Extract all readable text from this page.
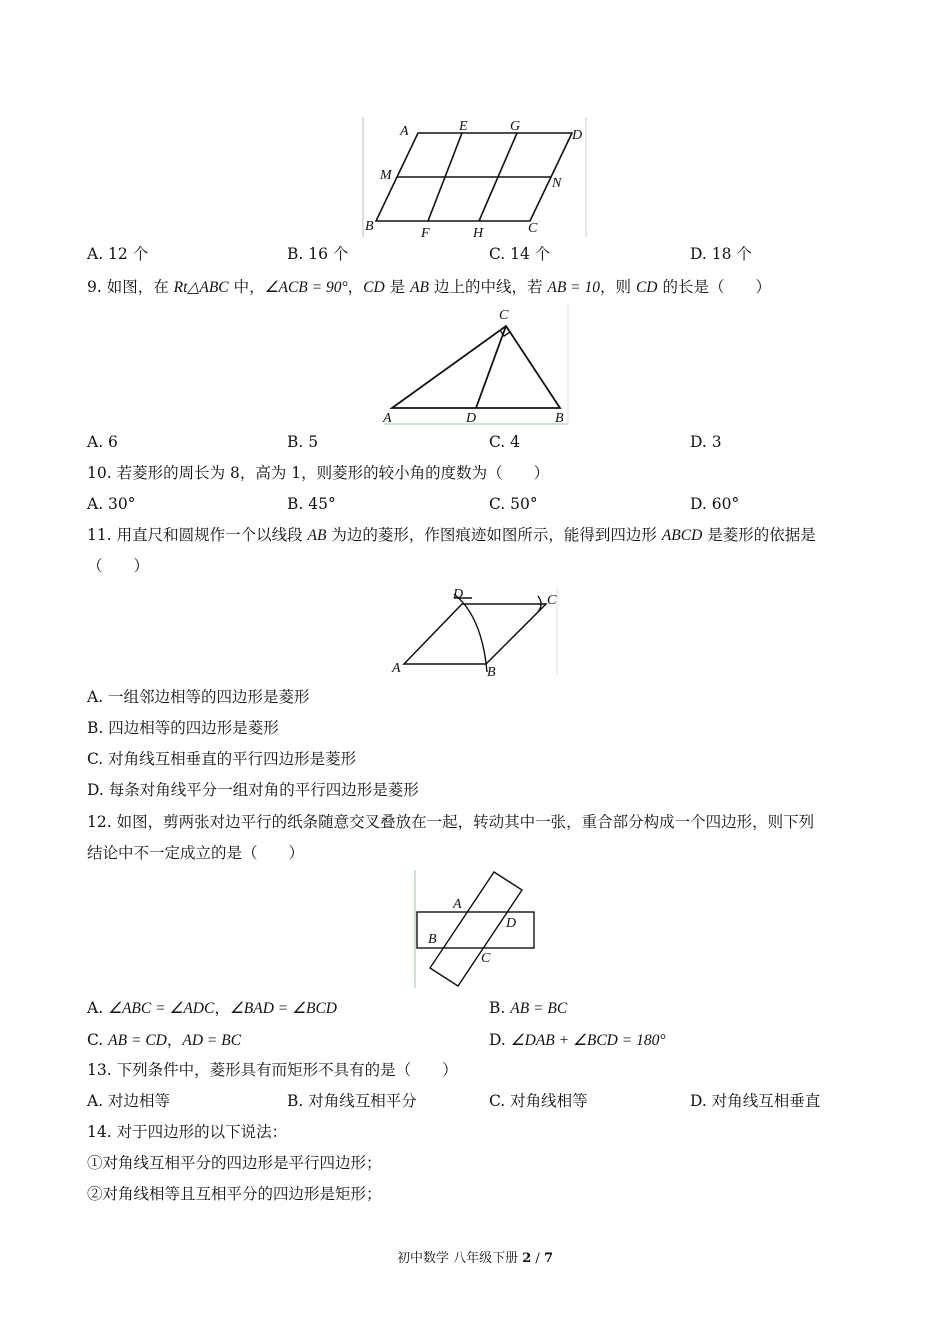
A	E	G
D
M
N
B	F	H	C
A. 12 个	B. 16 个	C. 14 个	D. 18 个
9. 如图，在 Rt△ABC 中，∠ACB = 90°，CD 是 AB 边上的中线，若 AB = 10，则 CD 的长是（　　）
C
A	D	B
A. 6	B. 5	C. 4	D. 3
10. 若菱形的周长为 8，高为 1，则菱形的较小角的度数为（　　）
A. 30°	B. 45°	C. 50°	D. 60°
11. 用直尺和圆规作一个以线段 AB 为边的菱形，作图痕迹如图所示，能得到四边形 ABCD 是菱形的依据是
（　　）
D	C
A	B
A. 一组邻边相等的四边形是菱形
B. 四边相等的四边形是菱形
C. 对角线互相垂直的平行四边形是菱形
D. 每条对角线平分一组对角的平行四边形是菱形
12. 如图，剪两张对边平行的纸条随意交叉叠放在一起，转动其中一张，重合部分构成一个四边形，则下列
结论中不一定成立的是（　　）
A
D
B
C
A. ∠ABC = ∠ADC，∠BAD = ∠BCD	B. AB = BC
C. AB = CD，AD = BC	D. ∠DAB + ∠BCD = 180°
13. 下列条件中，菱形具有而矩形不具有的是（　　）
A. 对边相等	B. 对角线互相平分	C. 对角线相等	D. 对角线互相垂直
14. 对于四边形的以下说法：
①对角线互相平分的四边形是平行四边形；
②对角线相等且互相平分的四边形是矩形；
初中数学 八年级下册 2 / 7
